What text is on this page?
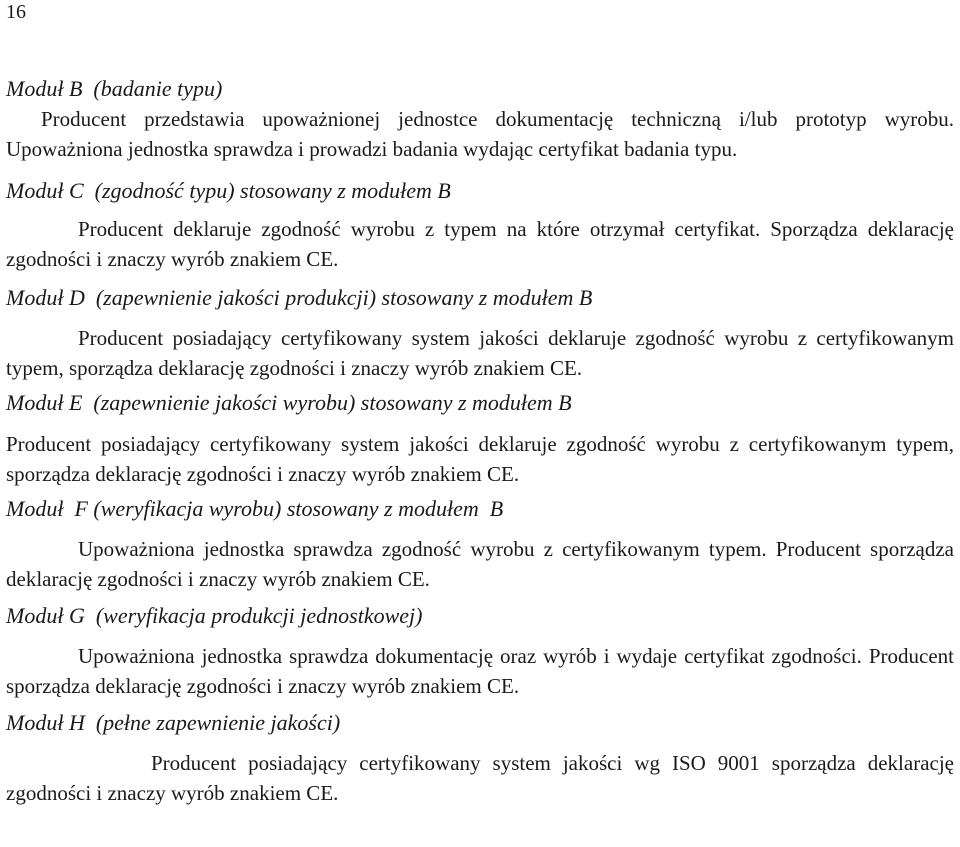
16

Moduł B  (badanie typu)

Producent przedstawia upoważnionej jednostce dokumentację techniczną i/lub prototyp wyrobu. Upoważniona jednostka sprawdza i prowadzi badania wydając certyfikat badania typu.

Moduł C  (zgodność typu) stosowany z modułem B

Producent deklaruje zgodność wyrobu z typem na które otrzymał certyfikat. Sporządza deklarację zgodności i znaczy wyrób znakiem CE.

Moduł D  (zapewnienie jakości produkcji) stosowany z modułem B

Producent posiadający certyfikowany system jakości deklaruje zgodność wyrobu z certyfikowanym typem, sporządza deklarację zgodności i znaczy wyrób znakiem CE.

Moduł E  (zapewnienie jakości wyrobu) stosowany z modułem B

Producent posiadający certyfikowany system jakości deklaruje zgodność wyrobu z certyfikowanym typem, sporządza deklarację zgodności i znaczy wyrób znakiem CE.

Moduł  F (weryfikacja wyrobu) stosowany z modułem  B

Upoważniona jednostka sprawdza zgodność wyrobu z certyfikowanym typem. Producent sporządza deklarację zgodności i znaczy wyrób znakiem CE.

Moduł G  (weryfikacja produkcji jednostkowej)

Upoważniona jednostka sprawdza dokumentację oraz wyrób i wydaje certyfikat zgodności. Producent sporządza deklarację zgodności i znaczy wyrób znakiem CE.

Moduł H  (pełne zapewnienie jakości)

Producent posiadający certyfikowany system jakości wg ISO 9001 sporządza deklarację zgodności i znaczy wyrób znakiem CE.
